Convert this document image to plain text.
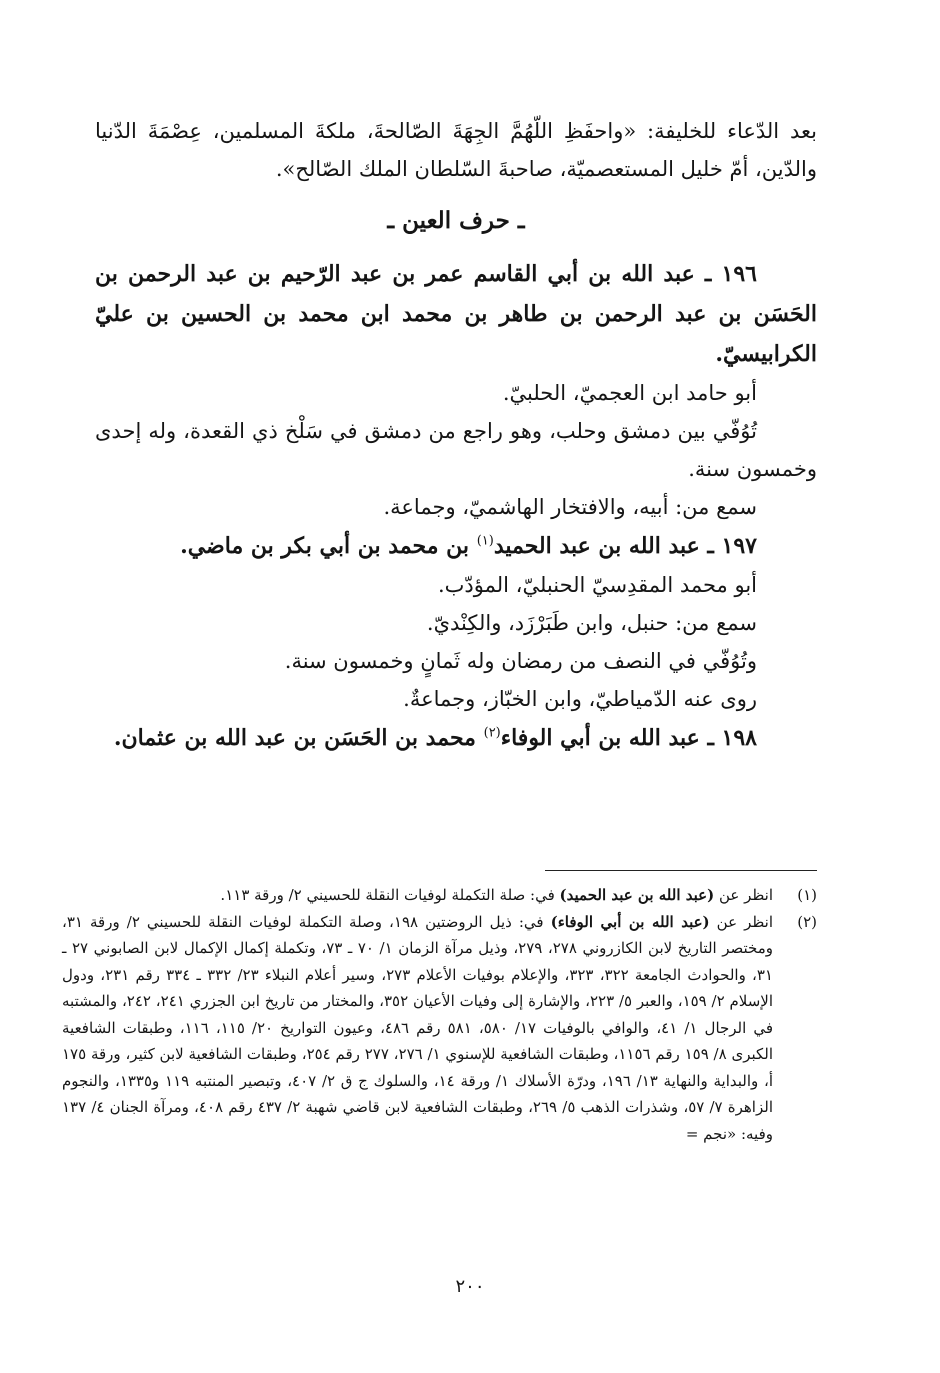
بعد الدّعاء للخليفة: «واحفَظِ اللّهُمَّ الجِهَةَ الصّالحةَ، ملكةَ المسلمين، عِصْمَةَ الدّنيا والدّين، أمّ خليل المستعصميّة، صاحبةَ السّلطان الملك الصّالح».

ـ حرف العين ـ

١٩٦ ـ عبد الله بن أبي القاسم عمر بن عبد الرّحيم بن عبد الرحمن بن الحَسَن بن عبد الرحمن بن طاهر بن محمد ابن محمد بن الحسين بن عليّ الكرابيسيّ.

أبو حامد ابن العجميّ، الحلبيّ.

تُوُفّي بين دمشق وحلب، وهو راجع من دمشق في سَلْخ ذي القعدة، وله إحدى وخمسون سنة.

سمع من: أبيه، والافتخار الهاشميّ، وجماعة.

١٩٧ ـ عبد الله بن عبد الحميد$^{(١)}$ بن محمد بن أبي بكر بن ماضي.

أبو محمد المقدِسيّ الحنبليّ، المؤدّب.

سمع من: حنبل، وابن طَبَرْزَد، والكِنْديّ.

وتُوُفّي في النصف من رمضان وله ثَمانٍ وخمسون سنة.

روى عنه الدّمياطيّ، وابن الخبّاز، وجماعةٌ.

١٩٨ ـ عبد الله بن أبي الوفاء$^{(٢)}$ محمد بن الحَسَن بن عبد الله بن عثمان.

(١)
انظر عن (عبد الله بن عبد الحميد) في: صلة التكملة لوفيات النقلة للحسيني ٢/ ورقة ١١٣.
(٢)
انظر عن (عبد الله بن أبي الوفاء) في: ذيل الروضتين ١٩٨، وصلة التكملة لوفيات النقلة للحسيني ٢/ ورقة ٣١، ومختصر التاريخ لابن الكازروني ٢٧٨، ٢٧٩، وذيل مرآة الزمان ١/ ٧٠ ـ ٧٣، وتكملة إكمال الإكمال لابن الصابوني ٢٧ ـ ٣١، والحوادث الجامعة ٣٢٢، ٣٢٣، والإعلام بوفيات الأعلام ٢٧٣، وسير أعلام النبلاء ٢٣/ ٣٣٢ ـ ٣٣٤ رقم ٢٣١، ودول الإسلام ٢/ ١٥٩، والعبر ٥/ ٢٢٣، والإشارة إلى وفيات الأعيان ٣٥٢، والمختار من تاريخ ابن الجزري ٢٤١، ٢٤٢، والمشتبه في الرجال ١/ ٤١، والوافي بالوفيات ١٧/ ٥٨٠، ٥٨١ رقم ٤٨٦، وعيون التواريخ ٢٠/ ١١٥، ١١٦، وطبقات الشافعية الكبرى ٨/ ١٥٩ رقم ١١٥٦، وطبقات الشافعية للإسنوي ١/ ٢٧٦، ٢٧٧ رقم ٢٥٤، وطبقات الشافعية لابن كثير، ورقة ١٧٥ أ، والبداية والنهاية ١٣/ ١٩٦، ودرّة الأسلاك ١/ ورقة ١٤، والسلوك ج ق ٢/ ٤٠٧، وتبصير المنتبه ١١٩ و١٣٣٥، والنجوم الزاهرة ٧/ ٥٧، وشذرات الذهب ٥/ ٢٦٩، وطبقات الشافعية لابن قاضي شهبة ٢/ ٤٣٧ رقم ٤٠٨، ومرآة الجنان ٤/ ١٣٧ وفيه: «نجم =
٢٠٠
